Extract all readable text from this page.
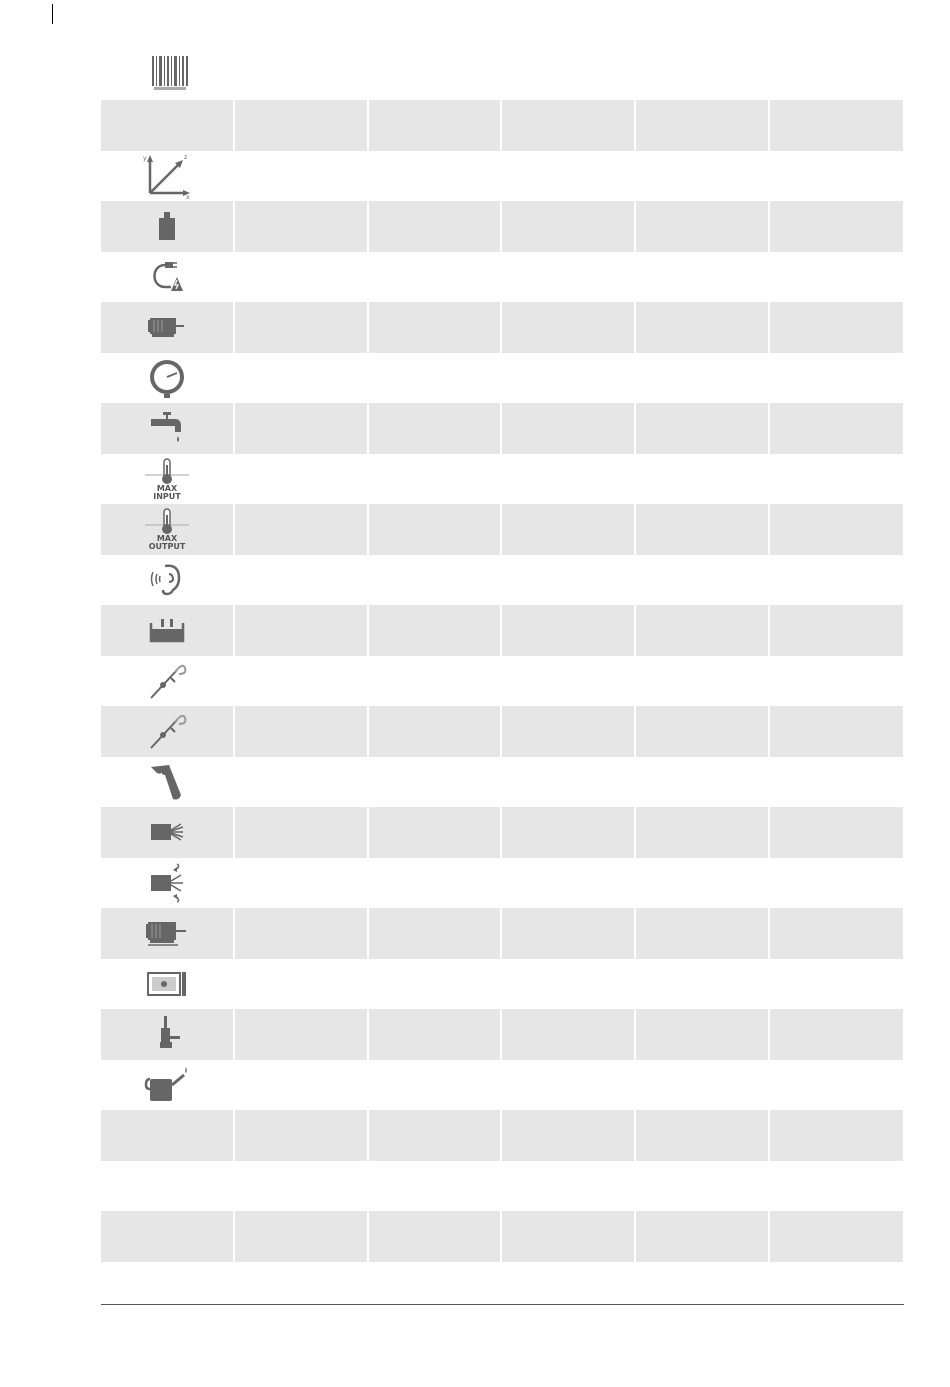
y	z
x
MAX
INPUT
MAX
OUTPUT
